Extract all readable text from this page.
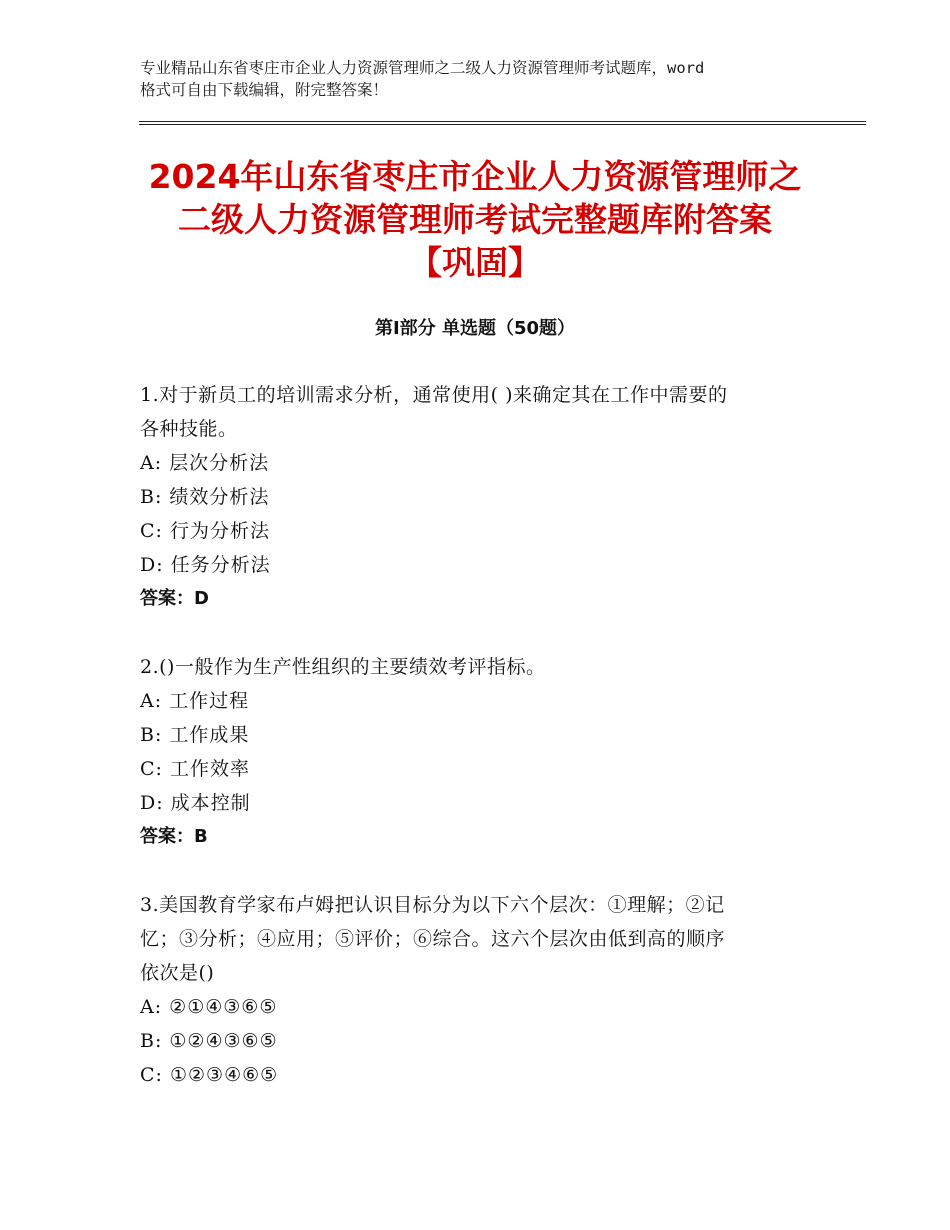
专业精品山东省枣庄市企业人力资源管理师之二级人力资源管理师考试题库，word
格式可自由下载编辑，附完整答案！
2024年山东省枣庄市企业人力资源管理师之
二级人力资源管理师考试完整题库附答案
【巩固】
第Ⅰ部分 单选题（50题）
1.对于新员工的培训需求分析，通常使用( )来确定其在工作中需要的
各种技能。
A: 层次分析法
B: 绩效分析法
C: 行为分析法
D: 任务分析法
答案：D
2.()一般作为生产性组织的主要绩效考评指标。
A: 工作过程
B: 工作成果
C: 工作效率
D: 成本控制
答案：B
3.美国教育学家布卢姆把认识目标分为以下六个层次：①理解；②记
忆；③分析；④应用；⑤评价；⑥综合。这六个层次由低到高的顺序
依次是()
A: ②①④③⑥⑤
B: ①②④③⑥⑤
C: ①②③④⑥⑤
